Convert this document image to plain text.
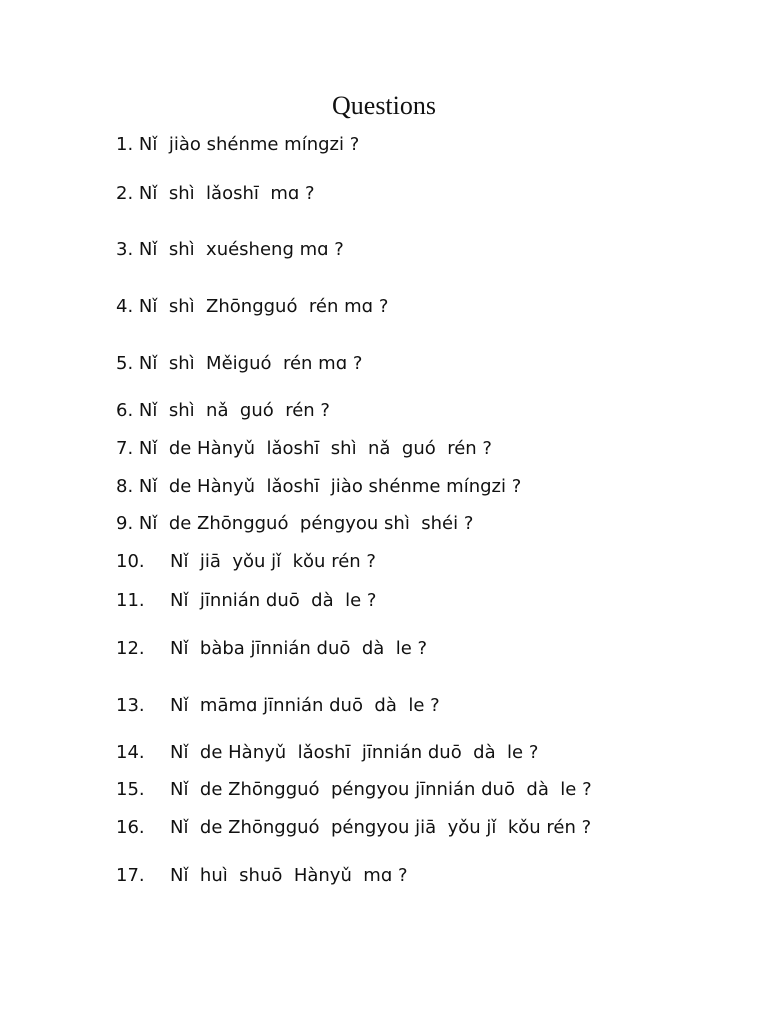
Questions
1. Nǐ  jiào shénme míngzi ?
2. Nǐ  shì  lǎoshī  mɑ ?
3. Nǐ  shì  xuésheng mɑ ?
4. Nǐ  shì  Zhōngguó  rén mɑ ?
5. Nǐ  shì  Měiguó  rén mɑ ?
6. Nǐ  shì  nǎ  guó  rén ?
7. Nǐ  de Hànyǔ  lǎoshī  shì  nǎ  guó  rén ?
8. Nǐ  de Hànyǔ  lǎoshī  jiào shénme míngzi ?
9. Nǐ  de Zhōngguó  péngyou shì  shéi ?
10. Nǐ  jiā  yǒu jǐ  kǒu rén ?
11. Nǐ  jīnnián duō  dà  le ?
12. Nǐ  bàba jīnnián duō  dà  le ?
13. Nǐ  māmɑ jīnnián duō  dà  le ?
14. Nǐ  de Hànyǔ  lǎoshī  jīnnián duō  dà  le ?
15. Nǐ  de Zhōngguó  péngyou jīnnián duō  dà  le ?
16. Nǐ  de Zhōngguó  péngyou jiā  yǒu jǐ  kǒu rén ?
17. Nǐ  huì  shuō  Hànyǔ  mɑ ?
